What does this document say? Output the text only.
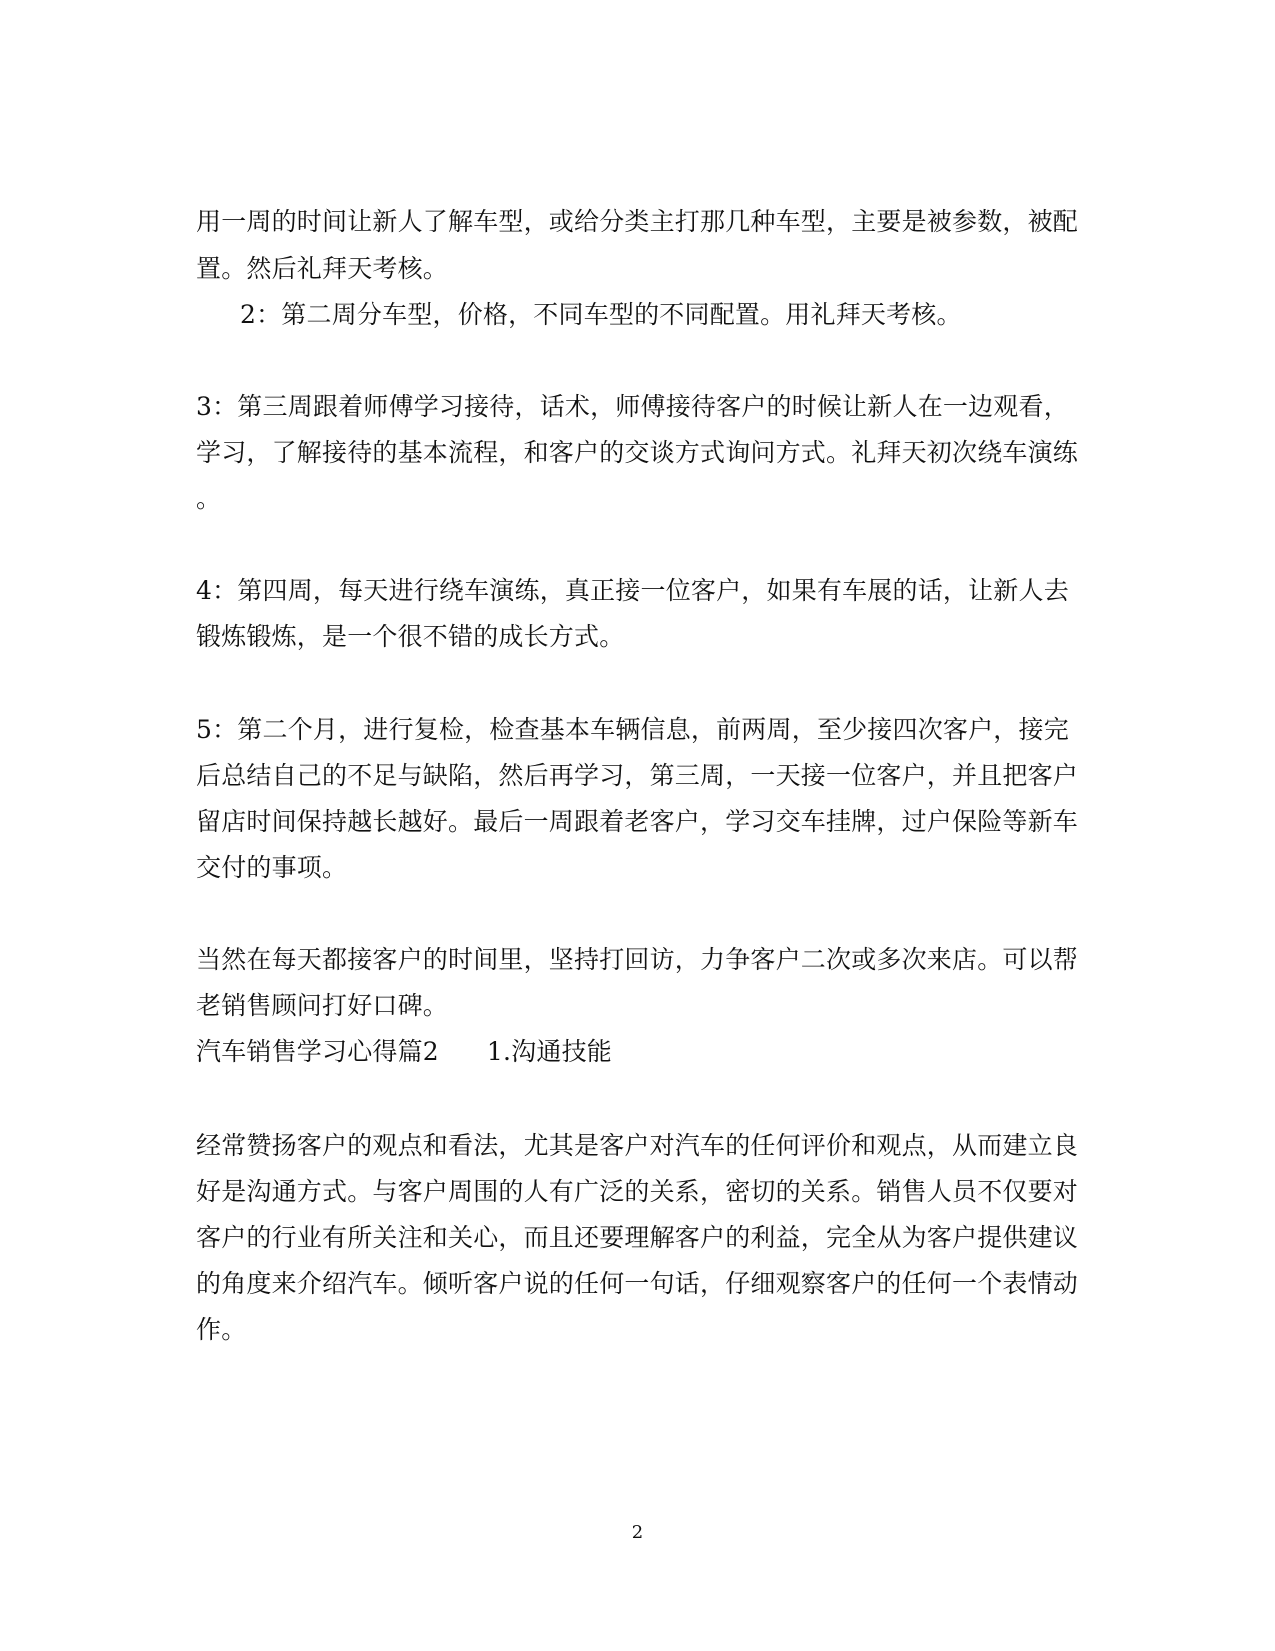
用一周的时间让新人了解车型，或给分类主打那几种车型，主要是被参数，被配
置。然后礼拜天考核。
2：第二周分车型，价格，不同车型的不同配置。用礼拜天考核。
3：第三周跟着师傅学习接待，话术，师傅接待客户的时候让新人在一边观看，
学习，了解接待的基本流程，和客户的交谈方式询问方式。礼拜天初次绕车演练
。
4：第四周，每天进行绕车演练，真正接一位客户，如果有车展的话，让新人去
锻炼锻炼，是一个很不错的成长方式。
5：第二个月，进行复检，检查基本车辆信息，前两周，至少接四次客户，接完
后总结自己的不足与缺陷，然后再学习，第三周，一天接一位客户，并且把客户
留店时间保持越长越好。最后一周跟着老客户，学习交车挂牌，过户保险等新车
交付的事项。
当然在每天都接客户的时间里，坚持打回访，力争客户二次或多次来店。可以帮
老销售顾问打好口碑。
汽车销售学习心得篇2 1.沟通技能
经常赞扬客户的观点和看法，尤其是客户对汽车的任何评价和观点，从而建立良
好是沟通方式。与客户周围的人有广泛的关系，密切的关系。销售人员不仅要对
客户的行业有所关注和关心，而且还要理解客户的利益，完全从为客户提供建议
的角度来介绍汽车。倾听客户说的任何一句话，仔细观察客户的任何一个表情动
作。
2
